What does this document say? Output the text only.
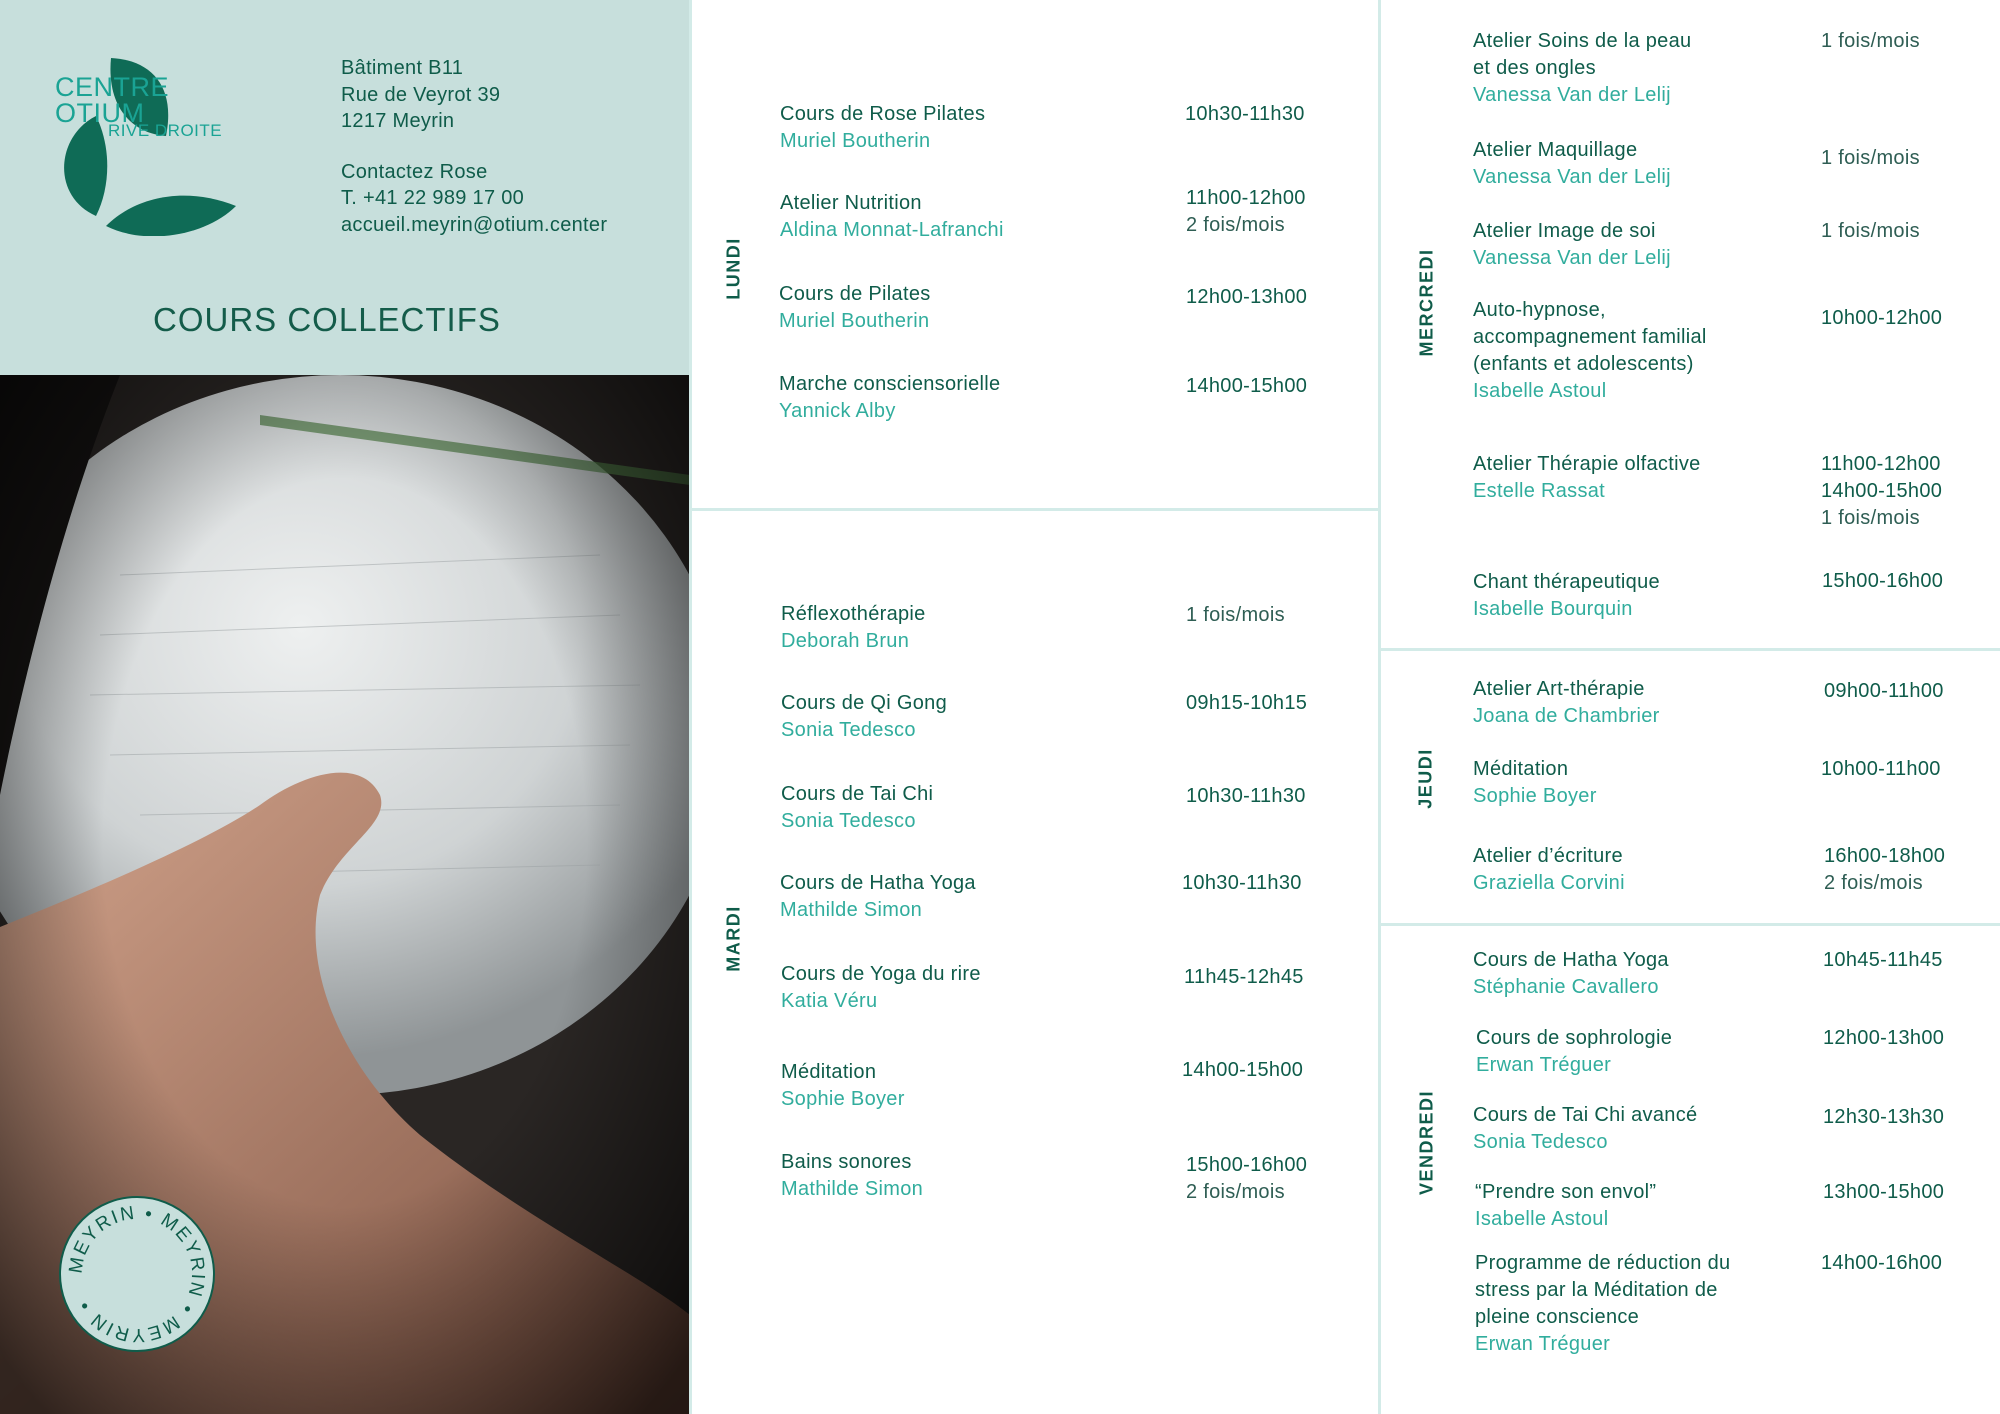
CENTRE
OTIUM
RIVE DROITE
Bâtiment B11
Rue de Veyrot 39
1217 Meyrin
Contactez Rose
T. +41 22 989 17 00
accueil.meyrin@otium.center
COURS COLLECTIFS
MEYRIN • MEYRIN • MEYRIN •
LUNDI
MARDI
MERCREDI
JEUDI
VENDREDI
Cours de Rose Pilates
Muriel Boutherin
10h30-11h30
Atelier Nutrition
Aldina Monnat-Lafranchi
11h00-12h00
2 fois/mois
Cours de Pilates
Muriel Boutherin
12h00-13h00
Marche consciensorielle
Yannick Alby
14h00-15h00
Réflexothérapie
Deborah Brun
1 fois/mois
Cours de Qi Gong
Sonia Tedesco
09h15-10h15
Cours de Tai Chi
Sonia Tedesco
10h30-11h30
Cours de Hatha Yoga
Mathilde Simon
10h30-11h30
Cours de Yoga du rire
Katia Véru
11h45-12h45
Méditation
Sophie Boyer
14h00-15h00
Bains sonores
Mathilde Simon
15h00-16h00
2 fois/mois
Atelier Soins de la peau
et des ongles
Vanessa Van der Lelij
1 fois/mois
Atelier Maquillage
Vanessa Van der Lelij
1 fois/mois
Atelier Image de soi
Vanessa Van der Lelij
1 fois/mois
Auto-hypnose,
accompagnement familial
(enfants et adolescents)
Isabelle Astoul
10h00-12h00
Atelier Thérapie olfactive
Estelle Rassat
11h00-12h00
14h00-15h00
1 fois/mois
Chant thérapeutique
Isabelle Bourquin
15h00-16h00
Atelier Art-thérapie
Joana de Chambrier
09h00-11h00
Méditation
Sophie Boyer
10h00-11h00
Atelier d’écriture
Graziella Corvini
16h00-18h00
2 fois/mois
Cours de Hatha Yoga
Stéphanie Cavallero
10h45-11h45
Cours de sophrologie
Erwan Tréguer
12h00-13h00
Cours de Tai Chi avancé
Sonia Tedesco
12h30-13h30
“Prendre son envol”
Isabelle Astoul
13h00-15h00
Programme de réduction du
stress par la Méditation de
pleine conscience
Erwan Tréguer
14h00-16h00
